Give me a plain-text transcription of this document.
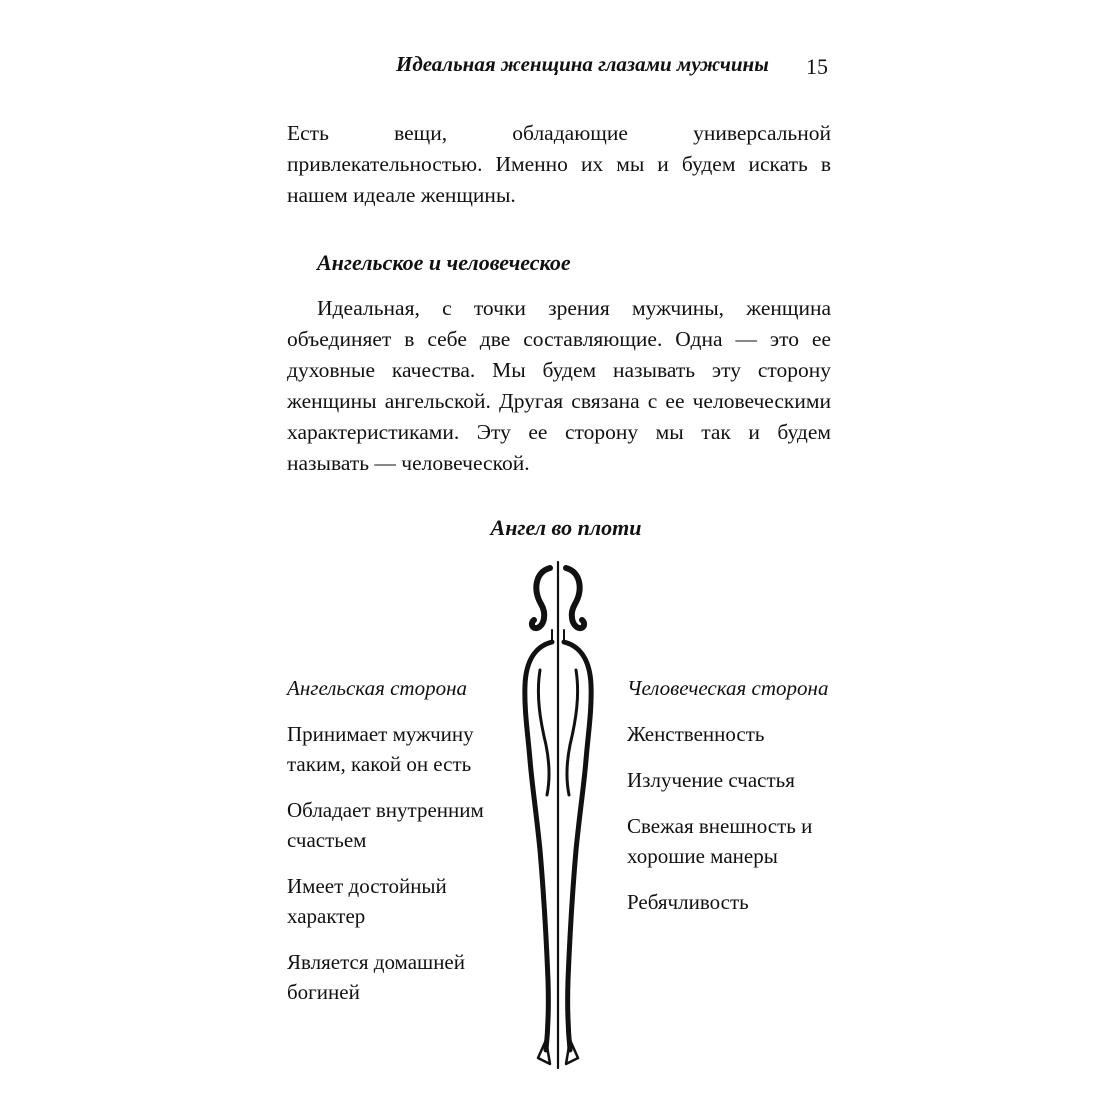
Идеальная женщина глазами мужчины	15

Есть вещи, обладающие универсальной привлекательностью. Именно их мы и будем искать в нашем идеале женщины.

Ангельское и человеческое

Идеальная, с точки зрения мужчины, женщина объединяет в себе две составляющие. Одна — это ее духовные качества. Мы будем называть эту сторону женщины ангельской. Другая связана с ее человеческими характеристиками. Эту ее сторону мы так и будем называть — человеческой.

Ангел во плоти
Ангельская сторона
Принимает мужчину таким, какой он есть
Обладает внутренним счастьем
Имеет достойный характер
Является домашней богиней
Человеческая сторона
Женственность
Излучение счастья
Свежая внешность и хорошие манеры
Ребячливость
